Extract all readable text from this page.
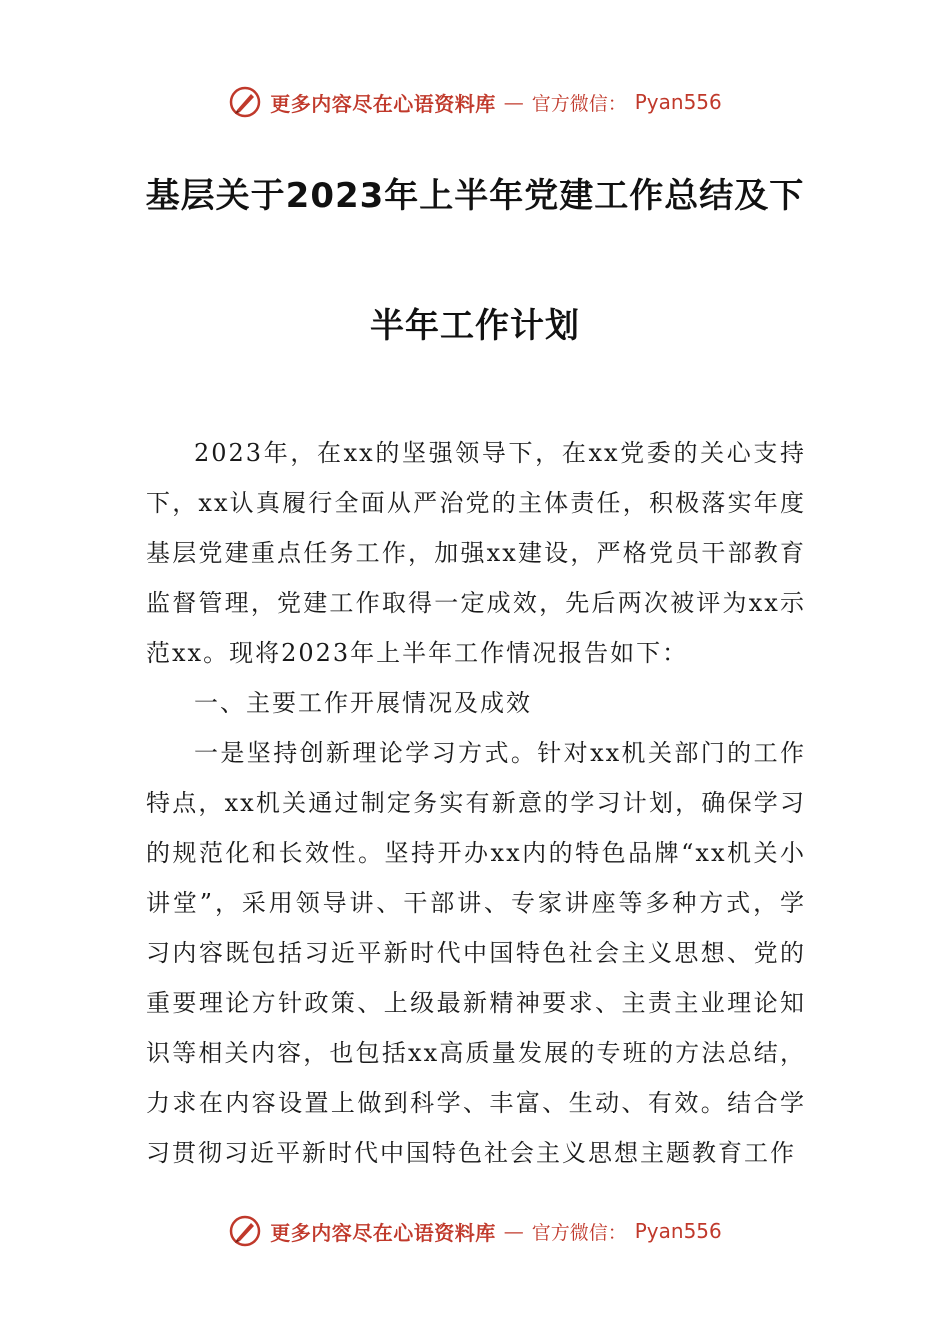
更多内容尽在心语资料库 — 官方微信： Pyan556
基层关于2023年上半年党建工作总结及下
半年工作计划

2023年，在xx的坚强领导下，在xx党委的关心支持下，xx认真履行全面从严治党的主体责任，积极落实年度基层党建重点任务工作，加强xx建设，严格党员干部教育监督管理，党建工作取得一定成效，先后两次被评为xx示范xx。现将2023年上半年工作情况报告如下：

一、主要工作开展情况及成效

一是坚持创新理论学习方式。针对xx机关部门的工作特点，xx机关通过制定务实有新意的学习计划，确保学习的规范化和长效性。坚持开办xx内的特色品牌“xx机关小讲堂”，采用领导讲、干部讲、专家讲座等多种方式，学习内容既包括习近平新时代中国特色社会主义思想、党的重要理论方针政策、上级最新精神要求、主责主业理论知识等相关内容，也包括xx高质量发展的专班的方法总结，力求在内容设置上做到科学、丰富、生动、有效。结合学习贯彻习近平新时代中国特色社会主义思想主题教育工作

更多内容尽在心语资料库 — 官方微信： Pyan556
